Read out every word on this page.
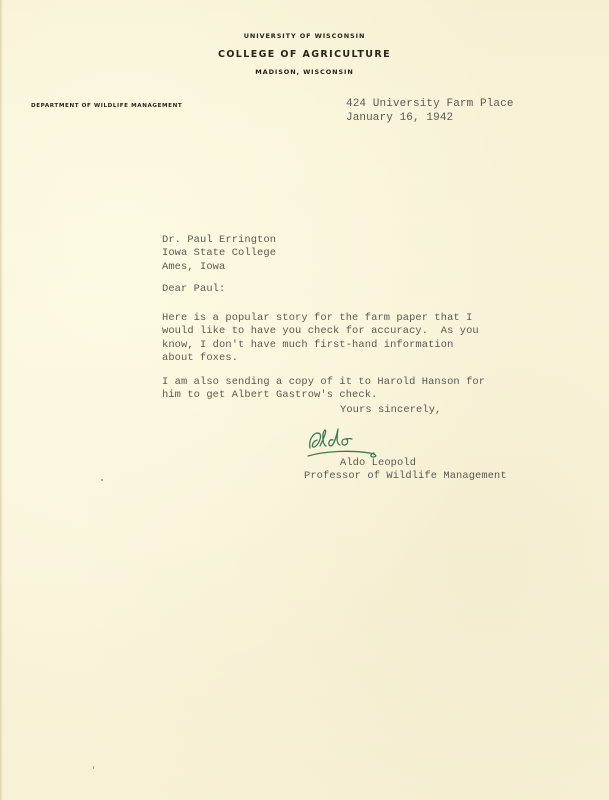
UNIVERSITY OF WISCONSIN
COLLEGE OF AGRICULTURE
MADISON, WISCONSIN
DEPARTMENT OF WILDLIFE MANAGEMENT	424 University Farm Place
January 16, 1942
Dr. Paul Errington
Iowa State College
Ames, Iowa
Dear Paul:
Here is a popular story for the farm paper that I
would like to have you check for accuracy.  As you
know, I don't have much first-hand information
about foxes.
I am also sending a copy of it to Harold Hanson for
him to get Albert Gastrow's check.
Yours sincerely,
Aldo Leopold
Professor of Wildlife Management
